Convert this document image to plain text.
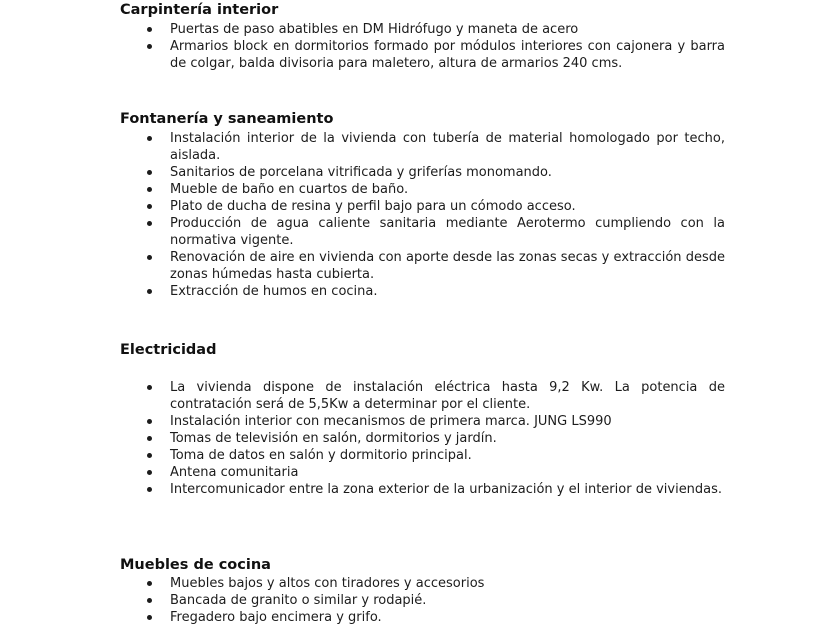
Carpintería interior
Puertas de paso abatibles en DM Hidrófugo y maneta de acero
Armarios block en dormitorios formado por módulos interiores con cajonera y barra de colgar, balda divisoria para maletero, altura de armarios 240 cms.
Fontanería y saneamiento
Instalación interior de la vivienda con tubería de material homologado por techo, aislada.
Sanitarios de porcelana vitrificada y griferías monomando.
Mueble de baño en cuartos de baño.
Plato de ducha de resina y perfil bajo para un cómodo acceso.
Producción de agua caliente sanitaria mediante Aerotermo cumpliendo con la normativa vigente.
Renovación de aire en vivienda con aporte desde las zonas secas y extracción desde zonas húmedas hasta cubierta.
Extracción de humos en cocina.
Electricidad
La vivienda dispone de instalación eléctrica hasta 9,2 Kw. La potencia de contratación será de 5,5Kw a determinar por el cliente.
Instalación interior con mecanismos de primera marca. JUNG LS990
Tomas de televisión en salón, dormitorios y jardín.
Toma de datos en salón y dormitorio principal.
Antena comunitaria
Intercomunicador entre la zona exterior de la urbanización y el interior de viviendas.
Muebles de cocina
Muebles bajos y altos con tiradores y accesorios
Bancada de granito o similar y rodapié.
Fregadero bajo encimera y grifo.
